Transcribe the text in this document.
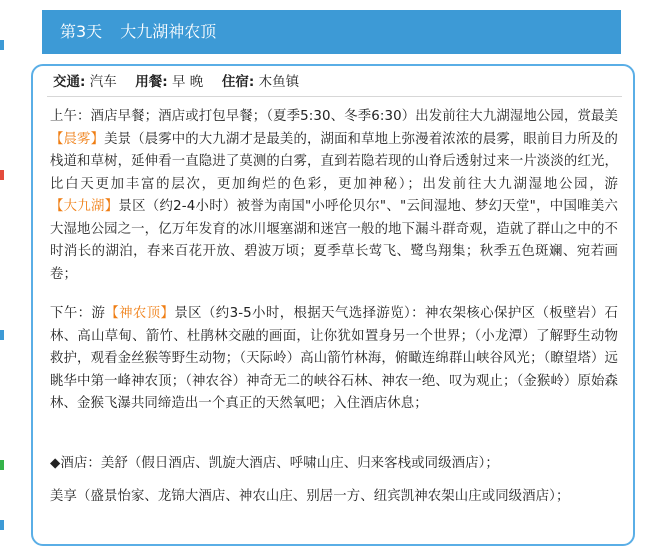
第3天 大九湖神农顶
交通: 汽车 用餐: 早 晚 住宿: 木鱼镇

上午：酒店早餐；酒店或打包早餐；（夏季5:30、冬季6:30）出发前往大九湖湿地公园，赏最美【晨雾】美景（晨雾中的大九湖才是最美的，湖面和草地上弥漫着浓浓的晨雾，眼前目力所及的栈道和草树，延伸看一直隐进了莫测的白雾，直到若隐若现的山脊后透射过来一片淡淡的红光，比白天更加丰富的层次，更加绚烂的色彩，更加神秘）；出发前往大九湖湿地公园，游【大九湖】景区（约2-4小时）被誉为南国"小呼伦贝尔"、"云间湿地、梦幻天堂"，中国唯美六大湿地公园之一，亿万年发育的冰川堰塞湖和迷宫一般的地下漏斗群奇观，造就了群山之中的不时消长的湖泊，春来百花开放、碧波万顷；夏季草长莺飞、鹭鸟翔集；秋季五色斑斓、宛若画卷；

下午：游【神农顶】景区（约3-5小时，根据天气选择游览）：神农架核心保护区（板壁岩）石林、高山草甸、箭竹、杜鹃林交融的画面，让你犹如置身另一个世界；（小龙潭）了解野生动物救护，观看金丝猴等野生动物；（天际岭）高山箭竹林海，俯瞰连绵群山峡谷风光；（瞭望塔）远眺华中第一峰神农顶；（神农谷）神奇无二的峡谷石林、神农一绝、叹为观止；（金猴岭）原始森林、金猴飞瀑共同缔造出一个真正的天然氧吧；入住酒店休息；

◆酒店：美舒（假日酒店、凯旋大酒店、呼啸山庄、归来客栈或同级酒店）；

美享（盛景怡家、龙锦大酒店、神农山庄、别居一方、纽宾凯神农架山庄或同级酒店）；
